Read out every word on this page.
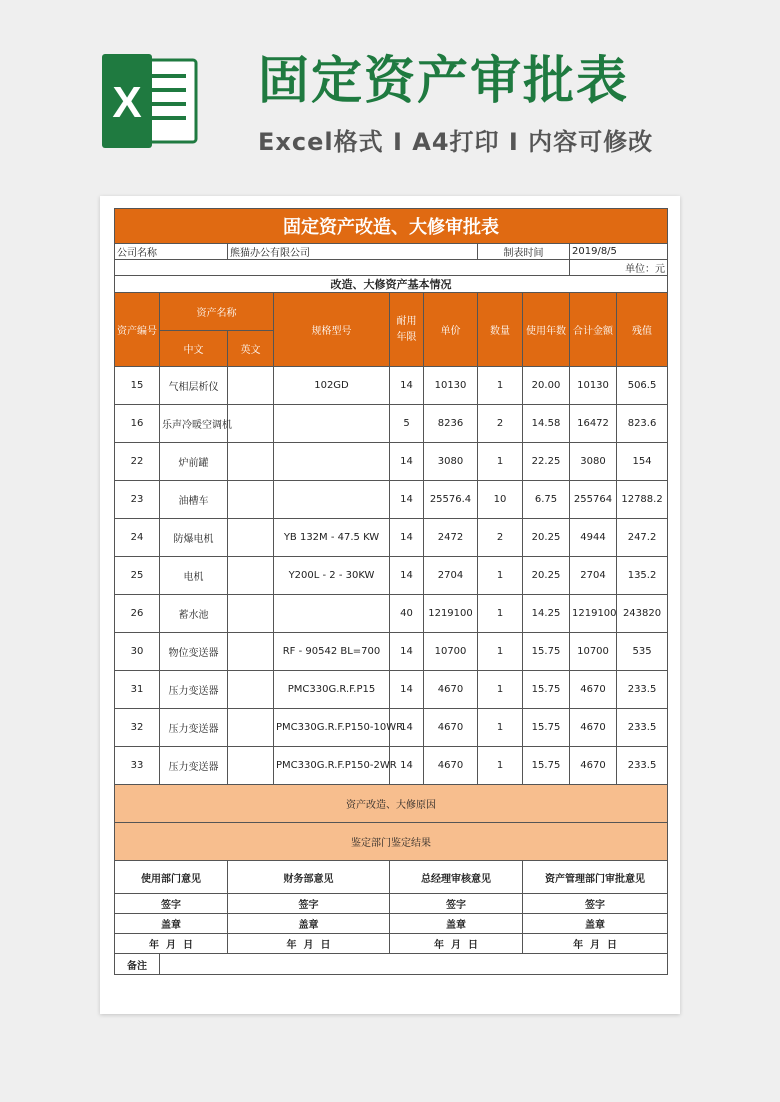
X 固定资产审批表
Excel格式 I A4打印 I 内容可修改
固定资产改造、大修审批表									
公司名称		熊猫办公有限公司				制表时间		2019/8/5	
								单位：元	
改造、大修资产基本情况									
资产编号	资产名称		规格型号	耐用年限	单价	数量	使用年数	合计金额	残值
	中文	英文							
15	气相层析仪		102GD	14	10130	1	20.00	10130	506.5
16	乐声冷暖空调机			5	8236	2	14.58	16472	823.6
22	炉前罐			14	3080	1	22.25	3080	154
23	油槽车			14	25576.4	10	6.75	255764	12788.2
24	防爆电机		YB 132M - 47.5 KW	14	2472	2	20.25	4944	247.2
25	电机		Y200L - 2 - 30KW	14	2704	1	20.25	2704	135.2
26	蓄水池			40	1219100	1	14.25	1219100	243820
30	物位变送器		RF - 90542 BL=700	14	10700	1	15.75	10700	535
31	压力变送器		PMC330G.R.F.P15	14	4670	1	15.75	4670	233.5
32	压力变送器		PMC330G.R.F.P150-10WR	14	4670	1	15.75	4670	233.5
33	压力变送器		PMC330G.R.F.P150-2WR	14	4670	1	15.75	4670	233.5
资产改造、大修原因									
鉴定部门鉴定结果									
使用部门意见		财务部意见		总经理审核意见			资产管理部门审批意见		
签字		签字		签字			签字		
盖章		盖章		盖章			盖章		
年  月  日		年  月  日		年  月  日			年  月  日		
备注									
